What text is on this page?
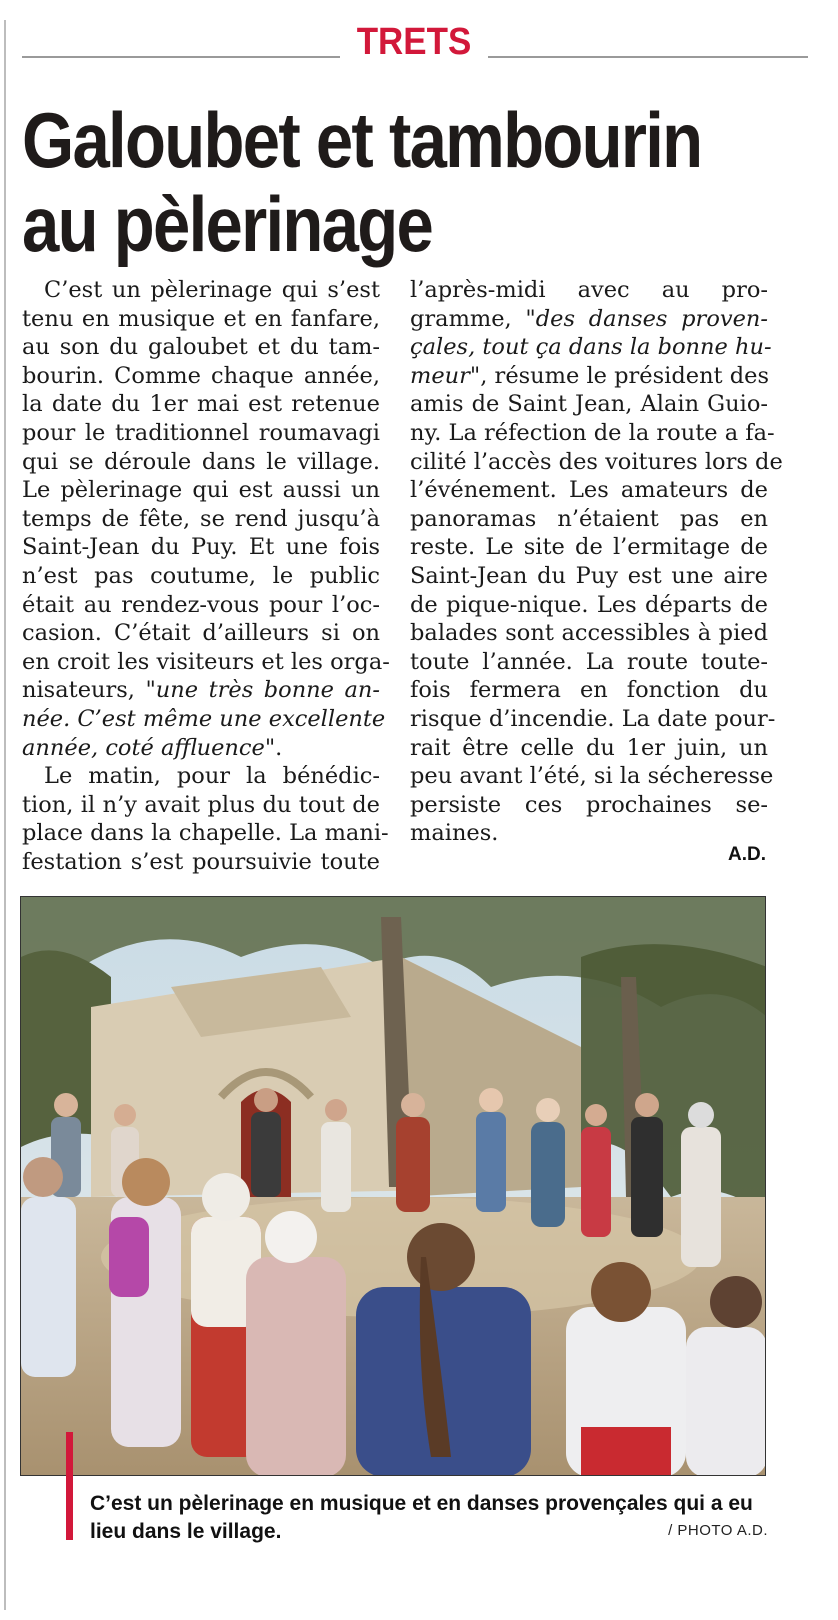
TRETS
Galoubet et tambourin
au pèlerinage
C’est un pèlerinage qui s’est
tenu en musique et en fanfare,
au son du galoubet et du tam-
bourin. Comme chaque année,
la date du 1er mai est retenue
pour le traditionnel roumavagi
qui se déroule dans le village.
Le pèlerinage qui est aussi un
temps de fête, se rend jusqu’à
Saint-Jean du Puy. Et une fois
n’est pas coutume, le public
était au rendez-vous pour l’oc-
casion. C’était d’ailleurs si on
en croit les visiteurs et les orga-
nisateurs, "une très bonne an-
née. C’est même une excellente
année, coté affluence".
Le matin, pour la bénédic-
tion, il n’y avait plus du tout de
place dans la chapelle. La mani-
festation s’est poursuivie toute
l’après-midi avec au pro-
gramme, "des danses proven-
çales, tout ça dans la bonne hu-
meur", résume le président des
amis de Saint Jean, Alain Guio-
ny. La réfection de la route a fa-
cilité l’accès des voitures lors de
l’événement. Les amateurs de
panoramas n’étaient pas en
reste. Le site de l’ermitage de
Saint-Jean du Puy est une aire
de pique-nique. Les départs de
balades sont accessibles à pied
toute l’année. La route toute-
fois fermera en fonction du
risque d’incendie. La date pour-
rait être celle du 1er juin, un
peu avant l’été, si la sécheresse
persiste ces prochaines se-
maines.
A.D.
C’est un pèlerinage en musique et en danses provençales qui a eu lieu dans le village.	/ PHOTO A.D.
